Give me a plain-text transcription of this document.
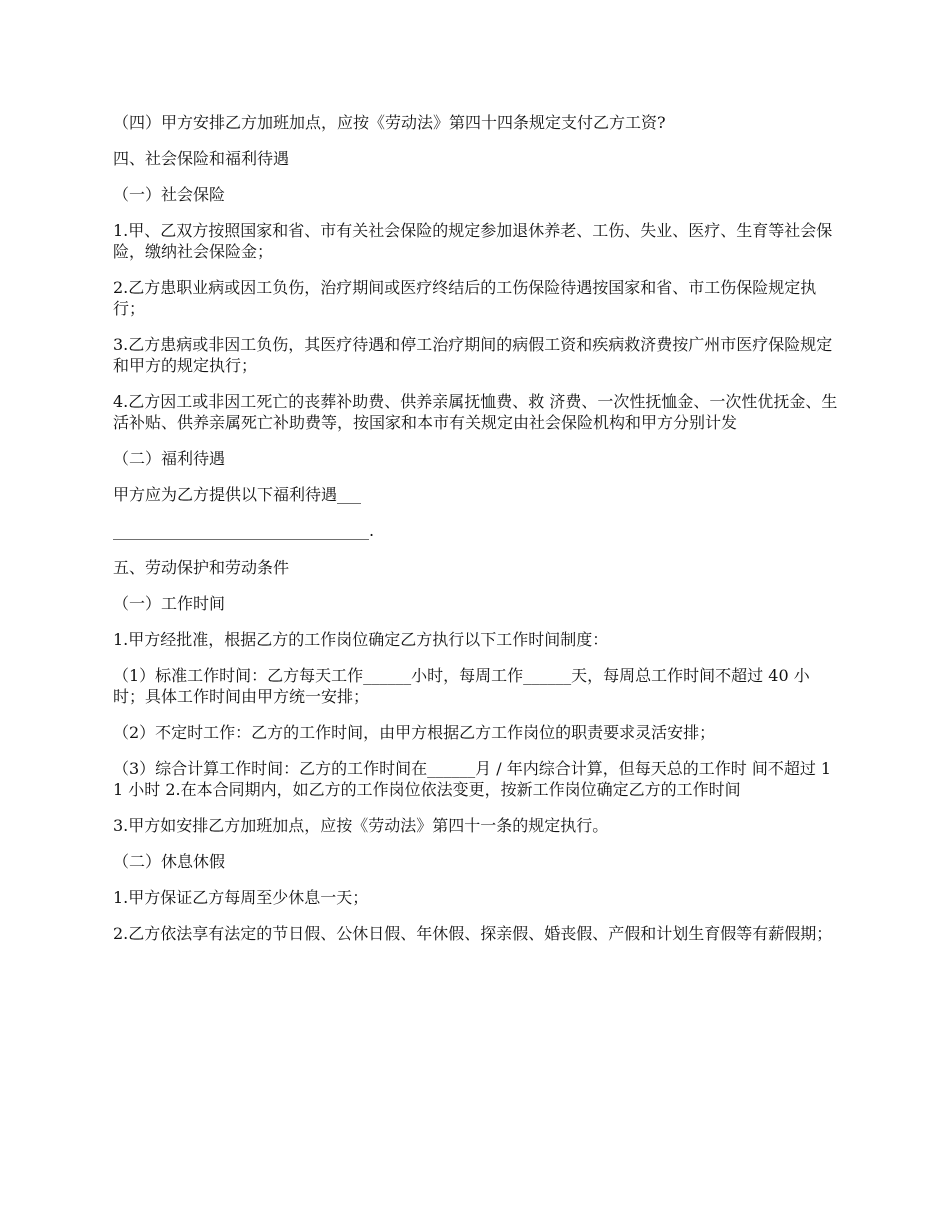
（四）甲方安排乙方加班加点，应按《劳动法》第四十四条规定支付乙方工资?

四、社会保险和福利待遇

（一）社会保险

1.甲、乙双方按照国家和省、市有关社会保险的规定参加退休养老、工伤、失业、医疗、生育等社会保险，缴纳社会保险金；

2.乙方患职业病或因工负伤，治疗期间或医疗终结后的工伤保险待遇按国家和省、市工伤保险规定执行；

3.乙方患病或非因工负伤，其医疗待遇和停工治疗期间的病假工资和疾病救济费按广州市医疗保险规定和甲方的规定执行；

4.乙方因工或非因工死亡的丧葬补助费、供养亲属抚恤费、救 济费、一次性抚恤金、一次性优抚金、生活补贴、供养亲属死亡补助费等，按国家和本市有关规定由社会保险机构和甲方分别计发

（二）福利待遇

甲方应为乙方提供以下福利待遇___

________________________________.

五、劳动保护和劳动条件

（一）工作时间

1.甲方经批准，根据乙方的工作岗位确定乙方执行以下工作时间制度：

（1）标准工作时间：乙方每天工作______小时，每周工作______天，每周总工作时间不超过 40 小时；具体工作时间由甲方统一安排；

（2）不定时工作：乙方的工作时间，由甲方根据乙方工作岗位的职责要求灵活安排；

（3）综合计算工作时间：乙方的工作时间在______月 / 年内综合计算，但每天总的工作时 间不超过 11 小时 2.在本合同期内，如乙方的工作岗位依法变更，按新工作岗位确定乙方的工作时间

3.甲方如安排乙方加班加点，应按《劳动法》第四十一条的规定执行。

（二）休息休假

1.甲方保证乙方每周至少休息一天；

2.乙方依法享有法定的节日假、公休日假、年休假、探亲假、婚丧假、产假和计划生育假等有薪假期；
